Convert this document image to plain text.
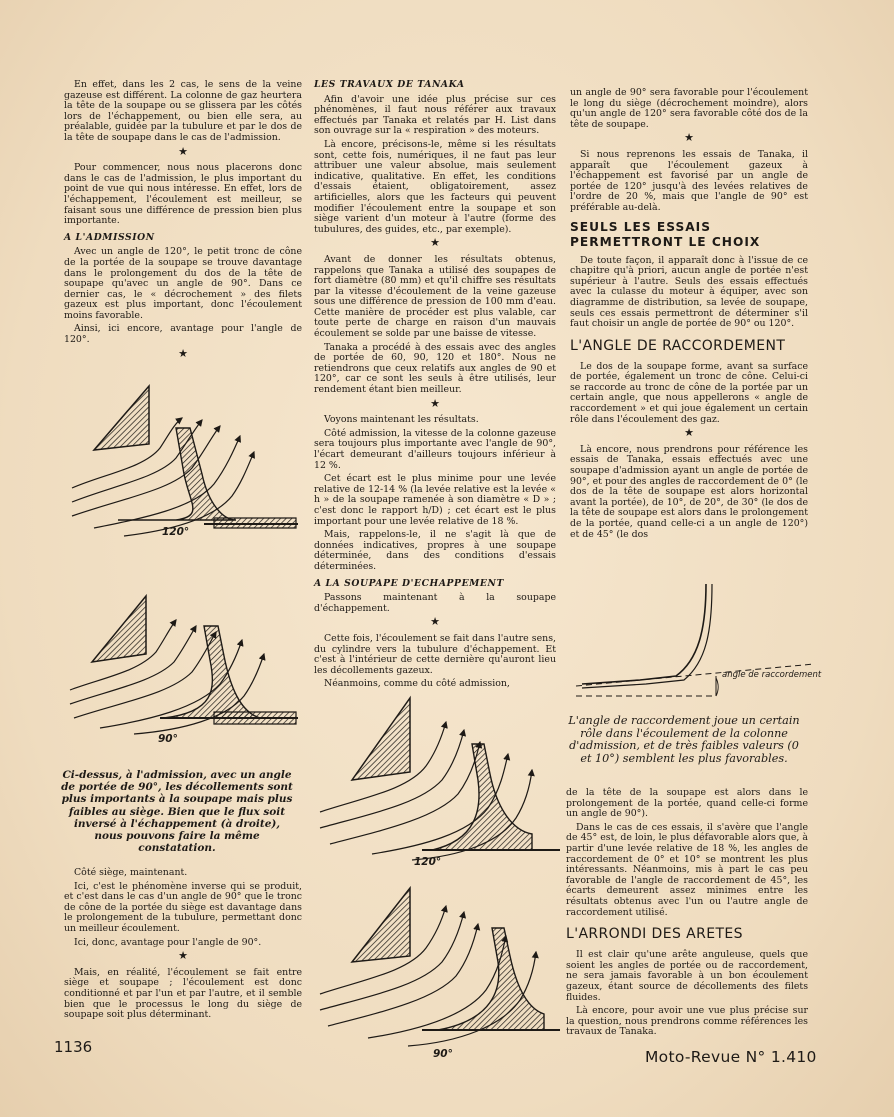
En effet, dans les 2 cas, le sens de la veine gazeuse est différent. La colonne de gaz heurtera la tête de la soupape ou se glissera par les côtés lors de l'échappement, ou bien elle sera, au préalable, guidée par la tubulure et par le dos de la tête de soupape dans le cas de l'admission.

★

Pour commencer, nous nous placerons donc dans le cas de l'admission, le plus important du point de vue qui nous intéresse. En effet, lors de l'échappement, l'écoulement est meilleur, se faisant sous une différence de pression bien plus importante.

A L'ADMISSION

Avec un angle de 120°, le petit tronc de cône de la portée de la soupape se trouve davantage dans le prolongement du dos de la tête de soupape qu'avec un angle de 90°. Dans ce dernier cas, le « décrochement » des filets gazeux est plus important, donc l'écoulement moins favorable.

Ainsi, ici encore, avantage pour l'angle de 120°.

★
120°
90°
Ci-dessus, à l'admission, avec un angle de portée de 90°, les décollements sont plus importants à la soupape mais plus faibles au siège. Bien que le flux soit inversé à l'échappement (à droite), nous pouvons faire la même constatation.

Côté siège, maintenant.

Ici, c'est le phénomène inverse qui se produit, et c'est dans le cas d'un angle de 90° que le tronc de cône de la portée du siège est davantage dans le prolongement de la tubulure, permettant donc un meilleur écoulement.

Ici, donc, avantage pour l'angle de 90°.

★

Mais, en réalité, l'écoulement se fait entre siège et soupape ; l'écoulement est donc conditionné et par l'un et par l'autre, et il semble bien que le processus le long du siège de soupape soit plus déterminant.

LES TRAVAUX DE TANAKA

Afin d'avoir une idée plus précise sur ces phénomènes, il faut nous référer aux travaux effectués par Tanaka et relatés par H. List dans son ouvrage sur la « respiration » des moteurs.

Là encore, précisons-le, même si les résultats sont, cette fois, numériques, il ne faut pas leur attribuer une valeur absolue, mais seulement indicative, qualitative. En effet, les conditions d'essais étaient, obligatoirement, assez artificielles, alors que les facteurs qui peuvent modifier l'écoulement entre la soupape et son siège varient d'un moteur à l'autre (forme des tubulures, des guides, etc., par exemple).

★

Avant de donner les résultats obtenus, rappelons que Tanaka a utilisé des soupapes de fort diamètre (80 mm) et qu'il chiffre ses résultats par la vitesse d'écoulement de la veine gazeuse sous une différence de pression de 100 mm d'eau. Cette manière de procéder est plus valable, car toute perte de charge en raison d'un mauvais écoulement se solde par une baisse de vitesse.

Tanaka a procédé à des essais avec des angles de portée de 60, 90, 120 et 180°. Nous ne retiendrons que ceux relatifs aux angles de 90 et 120°, car ce sont les seuls à être utilisés, leur rendement étant bien meilleur.

★

Voyons maintenant les résultats.

Côté admission, la vitesse de la colonne gazeuse sera toujours plus importante avec l'angle de 90°, l'écart demeurant d'ailleurs toujours inférieur à 12 %.

Cet écart est le plus minime pour une levée relative de 12-14 % (la levée relative est la levée « h » de la soupape ramenée à son diamètre « D » ; c'est donc le rapport h/D) ; cet écart est le plus important pour une levée relative de 18 %.

Mais, rappelons-le, il ne s'agit là que de données indicatives, propres à une soupape déterminée, dans des conditions d'essais déterminées.

A LA SOUPAPE D'ECHAPPEMENT

Passons maintenant à la soupape d'échappement.

★

Cette fois, l'écoulement se fait dans l'autre sens, du cylindre vers la tubulure d'échappement. Et c'est à l'intérieur de cette dernière qu'auront lieu les décollements gazeux.

Néanmoins, comme du côté admission,

120°
90°

un angle de 90° sera favorable pour l'écoulement le long du siège (décrochement moindre), alors qu'un angle de 120° sera favorable côté dos de la tête de soupape.

★

Si nous reprenons les essais de Tanaka, il apparaît que l'écoulement gazeux à l'échappement est favorisé par un angle de portée de 120° jusqu'à des levées relatives de l'ordre de 20 %, mais que l'angle de 90° est préférable au-delà.

SEULS LES ESSAIS PERMETTRONT LE CHOIX

De toute façon, il apparaît donc à l'issue de ce chapitre qu'à priori, aucun angle de portée n'est supérieur à l'autre. Seuls des essais effectués avec la culasse du moteur à équiper, avec son diagramme de distribution, sa levée de soupape, seuls ces essais permettront de déterminer s'il faut choisir un angle de portée de 90° ou 120°.

L'ANGLE DE RACCORDEMENT

Le dos de la soupape forme, avant sa surface de portée, également un tronc de cône. Celui-ci se raccorde au tronc de cône de la portée par un certain angle, que nous appellerons « angle de raccordement » et qui joue également un certain rôle dans l'écoulement des gaz.

★

Là encore, nous prendrons pour référence les essais de Tanaka, essais effectués avec une soupape d'admission ayant un angle de portée de 90°, et pour des angles de raccordement de 0° (le dos de la tête de soupape est alors horizontal avant la portée), de 10°, de 20°, de 30° (le dos de la tête de soupape est alors dans le prolongement de la portée, quand celle-ci a un angle de 120°) et de 45° (le dos

angle de raccordement
L'angle de raccordement joue un certain rôle dans l'écoulement de la colonne d'admission, et de très faibles valeurs (0 et 10°) semblent les plus favorables.

de la tête de la soupape est alors dans le prolongement de la portée, quand celle-ci forme un angle de 90°).

Dans le cas de ces essais, il s'avère que l'angle de 45° est, de loin, le plus défavorable alors que, à partir d'une levée relative de 18 %, les angles de raccordement de 0° et 10° se montrent les plus intéressants. Néanmoins, mis à part le cas peu favorable de l'angle de raccordement de 45°, les écarts demeurent assez minimes entre les résultats obtenus avec l'un ou l'autre angle de raccordement utilisé.

L'ARRONDI DES ARETES

Il est clair qu'une arête anguleuse, quels que soient les angles de portée ou de raccordement, ne sera jamais favorable à un bon écoulement gazeux, étant source de décollements des filets fluides.

Là encore, pour avoir une vue plus précise sur la question, nous prendrons comme références les travaux de Tanaka.

1136
Moto-Revue N° 1.410
